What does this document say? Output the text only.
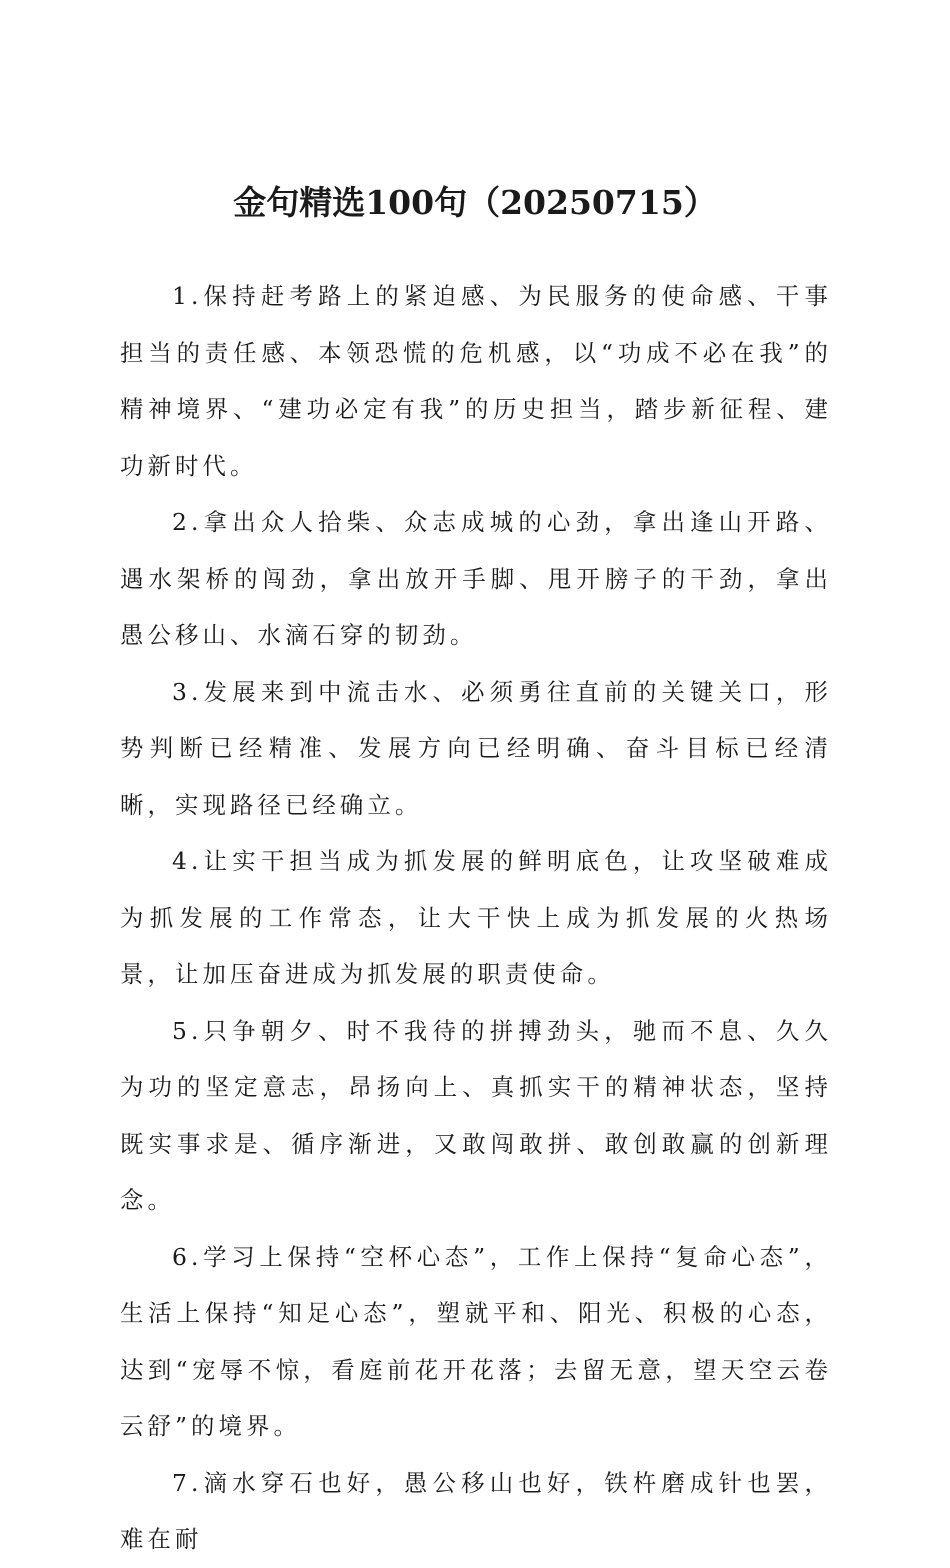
金句精选100句（20250715）

1.保持赶考路上的紧迫感、为民服务的使命感、干事担当的责任感、本领恐慌的危机感，以“功成不必在我”的精神境界、“建功必定有我”的历史担当，踏步新征程、建功新时代。

2.拿出众人拾柴、众志成城的心劲，拿出逢山开路、遇水架桥的闯劲，拿出放开手脚、甩开膀子的干劲，拿出愚公移山、水滴石穿的韧劲。

3.发展来到中流击水、必须勇往直前的关键关口，形势判断已经精准、发展方向已经明确、奋斗目标已经清晰，实现路径已经确立。

4.让实干担当成为抓发展的鲜明底色，让攻坚破难成为抓发展的工作常态，让大干快上成为抓发展的火热场景，让加压奋进成为抓发展的职责使命。

5.只争朝夕、时不我待的拼搏劲头，驰而不息、久久为功的坚定意志，昂扬向上、真抓实干的精神状态，坚持既实事求是、循序渐进，又敢闯敢拼、敢创敢赢的创新理念。

6.学习上保持“空杯心态”，工作上保持“复命心态”，生活上保持“知足心态”，塑就平和、阳光、积极的心态，达到“宠辱不惊，看庭前花开花落；去留无意，望天空云卷云舒”的境界。

7.滴水穿石也好，愚公移山也好，铁杵磨成针也罢，难在耐
